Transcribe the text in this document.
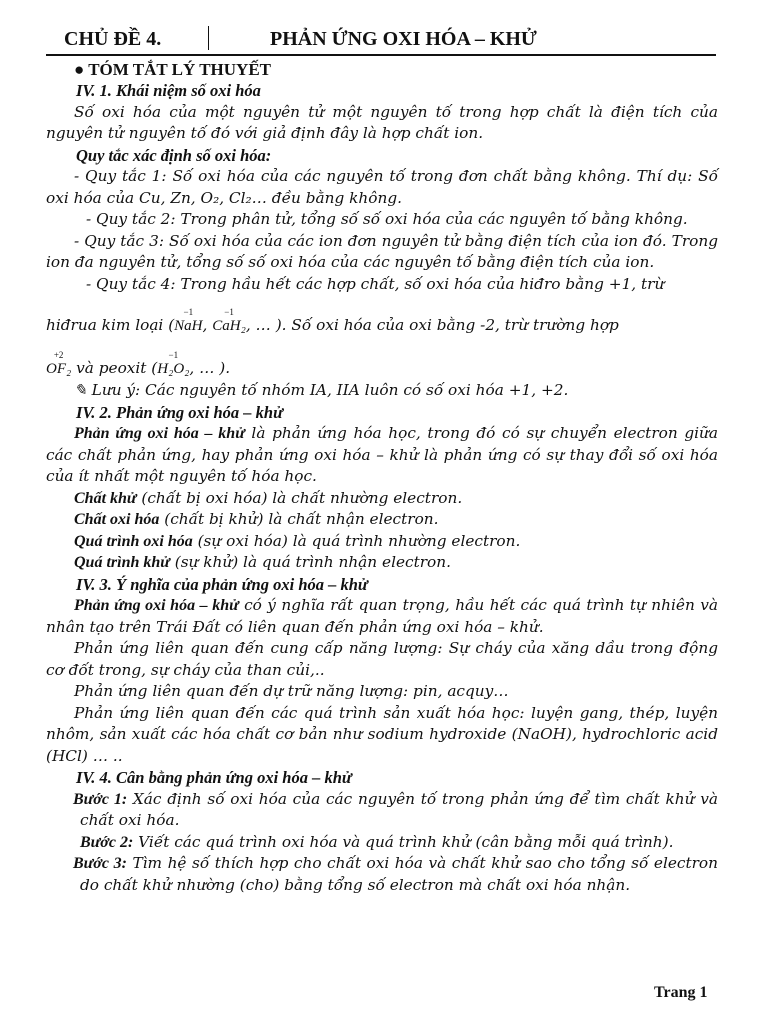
CHỦ ĐỀ 4.	PHẢN ỨNG OXI HÓA – KHỬ
● TÓM TẮT LÝ THUYẾT

IV. 1. Khái niệm số oxi hóa

Số oxi hóa của một nguyên tử một nguyên tố trong hợp chất là điện tích của nguyên tử nguyên tố đó với giả định đây là hợp chất ion.

Quy tắc xác định số oxi hóa:

- Quy tắc 1: Số oxi hóa của các nguyên tố trong đơn chất bằng không. Thí dụ: Số oxi hóa của Cu, Zn, O₂, Cl₂… đều bằng không.

- Quy tắc 2: Trong phân tử, tổng số số oxi hóa của các nguyên tố bằng không.

- Quy tắc 3: Số oxi hóa của các ion đơn nguyên tử bằng điện tích của ion đó. Trong ion đa nguyên tử, tổng số số oxi hóa của các nguyên tố bằng điện tích của ion.

- Quy tắc 4: Trong hầu hết các hợp chất, số oxi hóa của hiđro bằng +1, trừ

hiđrua kim loại (
−1
NaH,
−1
CaH₂, … ). Số oxi hóa của oxi bằng -2, trừ trường hợp

+2
OF₂ và peoxit (
−1
H₂O₂, … ).

✎ Lưu ý: Các nguyên tố nhóm IA, IIA luôn có số oxi hóa +1, +2.

IV. 2. Phản ứng oxi hóa – khử

Phản ứng oxi hóa – khử là phản ứng hóa học, trong đó có sự chuyển electron giữa các chất phản ứng, hay phản ứng oxi hóa – khử là phản ứng có sự thay đổi số oxi hóa của ít nhất một nguyên tố hóa học.

Chất khử (chất bị oxi hóa) là chất nhường electron.

Chất oxi hóa (chất bị khử) là chất nhận electron.

Quá trình oxi hóa (sự oxi hóa) là quá trình nhường electron.

Quá trình khử (sự khử) là quá trình nhận electron.

IV. 3. Ý nghĩa của phản ứng oxi hóa – khử

Phản ứng oxi hóa – khử có ý nghĩa rất quan trọng, hầu hết các quá trình tự nhiên và nhân tạo trên Trái Đất có liên quan đến phản ứng oxi hóa – khử.

Phản ứng liên quan đến cung cấp năng lượng: Sự cháy của xăng dầu trong động cơ đốt trong, sự cháy của than củi,..

Phản ứng liên quan đến dự trữ năng lượng: pin, acquy…

Phản ứng liên quan đến các quá trình sản xuất hóa học: luyện gang, thép, luyện nhôm, sản xuất các hóa chất cơ bản như sodium hydroxide (NaOH), hydrochloric acid (HCl) … ..

IV. 4. Cân bằng phản ứng oxi hóa – khử

Bước 1: Xác định số oxi hóa của các nguyên tố trong phản ứng để tìm chất khử và chất oxi hóa.

Bước 2: Viết các quá trình oxi hóa và quá trình khử (cân bằng mỗi quá trình).

Bước 3: Tìm hệ số thích hợp cho chất oxi hóa và chất khử sao cho tổng số electron do chất khử nhường (cho) bằng tổng số electron mà chất oxi hóa nhận.

Trang 1
